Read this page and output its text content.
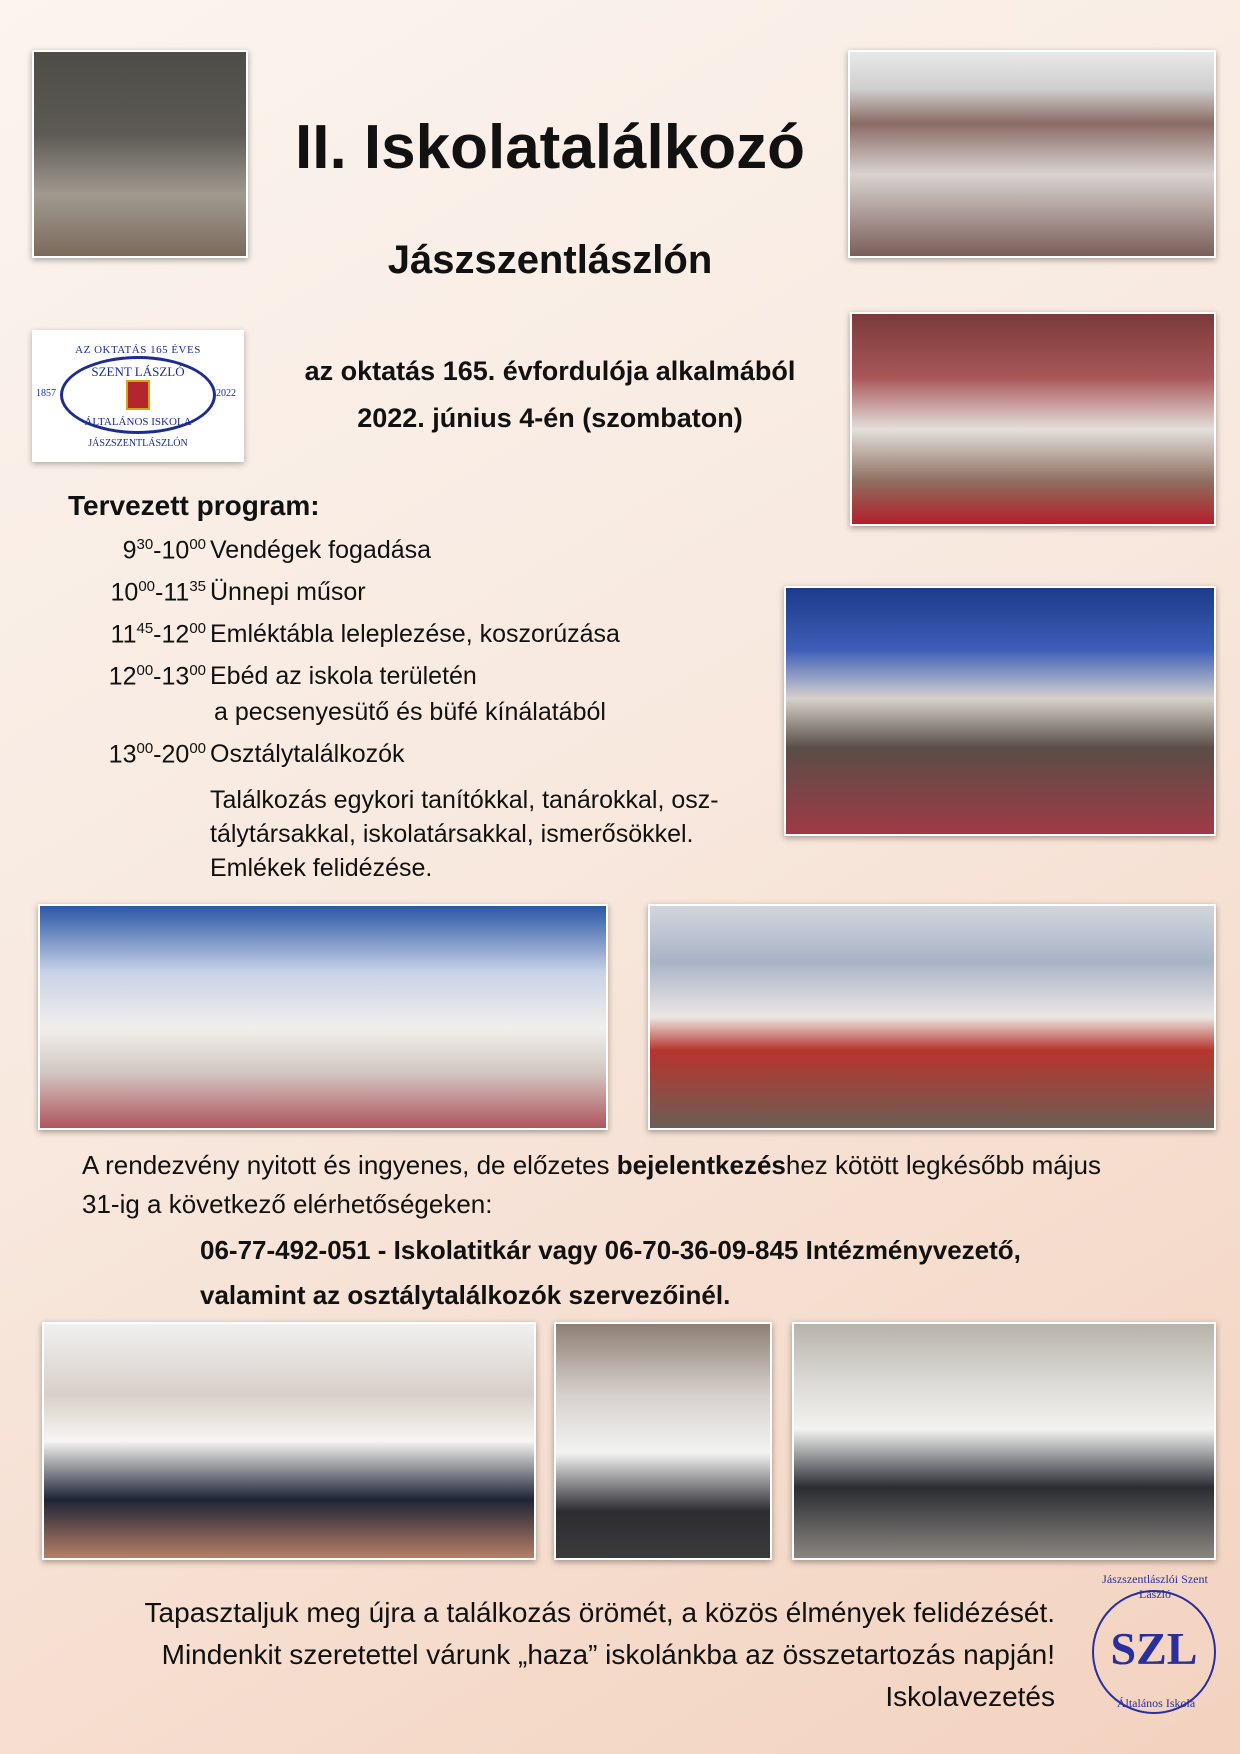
AZ OKTATÁS 165 ÉVES
SZENT LÁSZLÓ
1857	2022
ÁLTALÁNOS ISKOLA
JÁSZSZENTLÁSZLÓN
II. Iskolatalálkozó
Jászszentlászlón
az oktatás 165. évfordulója alkalmából
2022. június 4-én (szombaton)
Tervezett program:
$9^{30}-10^{00}$ Vendégek fogadása
$10^{00}-11^{35}$ Ünnepi műsor
$11^{45}-12^{00}$ Emléktábla leleplezése, koszorúzása
$12^{00}-13^{00}$ Ebéd az iskola területén
a pecsenyesütő és büfé kínálatából
$13^{00}-20^{00}$ Osztálytalálkozók
Találkozás egykori tanítókkal, tanárokkal, osz-
tálytársakkal, iskolatársakkal, ismerősökkel.
Emlékek felidézése.
A rendezvény nyitott és ingyenes, de előzetes bejelentkezéshez kötött legkésőbb május 31-ig a következő elérhetőségeken:
06-77-492-051 - Iskolatitkár vagy 06-70-36-09-845 Intézményvezető,
valamint az osztálytalálkozók szervezőinél.
Tapasztaljuk meg újra a találkozás örömét, a közös élmények felidézését.
Mindenkit szeretettel várunk „haza” iskolánkba az összetartozás napján!
Iskolavezetés
Jászszentlászlói Szent László
SZL
Általános Iskola
